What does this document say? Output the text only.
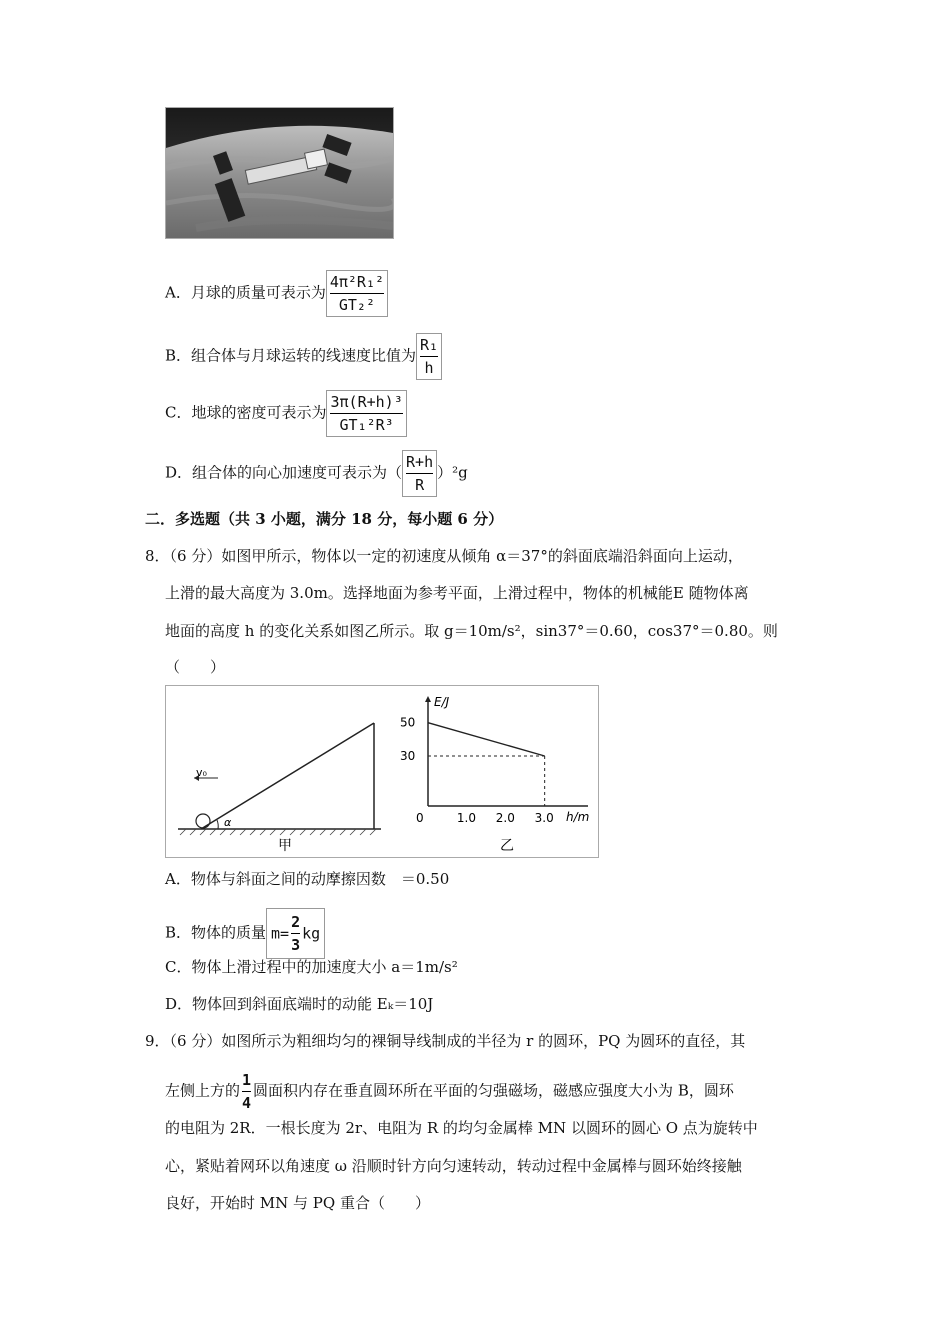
A．月球的质量可表示为 $\frac{\text{4π²R₁²}}{\text{GT₂²}}$
B．组合体与月球运转的线速度比值为 $\frac{\text{R₁}}{h}$
C．地球的密度可表示为 $\frac{\text{3π(R+h)³}}{\text{GT₁²R³}}$
D．组合体的向心加速度可表示为（ $\frac{R+h}{R} )^2g$
二．多选题（共 3 小题，满分 18 分，每小题 6 分）
8．（6 分）如图甲所示，物体以一定的初速度从倾角 α＝37°的斜面底端沿斜面向上运动，
上滑的最大高度为 3.0m。选择地面为参考平面，上滑过程中，物体的机械能E 随物体离
地面的高度 h 的变化关系如图乙所示。取 g＝10m/s²，sin37°＝0.60，cos37°＝0.80。则
（　　）
α
v₀
甲
E/J
h/m
50
30
0	1.0 2.0 3.0
乙
A．物体与斜面之间的动摩擦因数　＝0.50
B．物体的质量 $m= \frac{2}{3}$ kg
C．物体上滑过程中的加速度大小 a＝1m/s²
D．物体回到斜面底端时的动能 Eₖ＝10J
9．（6 分）如图所示为粗细均匀的裸铜导线制成的半径为 r 的圆环，PQ 为圆环的直径，其
左侧上方的 $\frac{1}{4}$ 圆面积内存在垂直圆环所在平面的匀强磁场，磁感应强度大小为 B，圆环
的电阻为 2R．一根长度为 2r、电阻为 R 的均匀金属棒 MN 以圆环的圆心 O 点为旋转中
心，紧贴着网环以角速度 ω 沿顺时针方向匀速转动，转动过程中金属棒与圆环始终接触
良好，开始时 MN 与 PQ 重合（　　）
